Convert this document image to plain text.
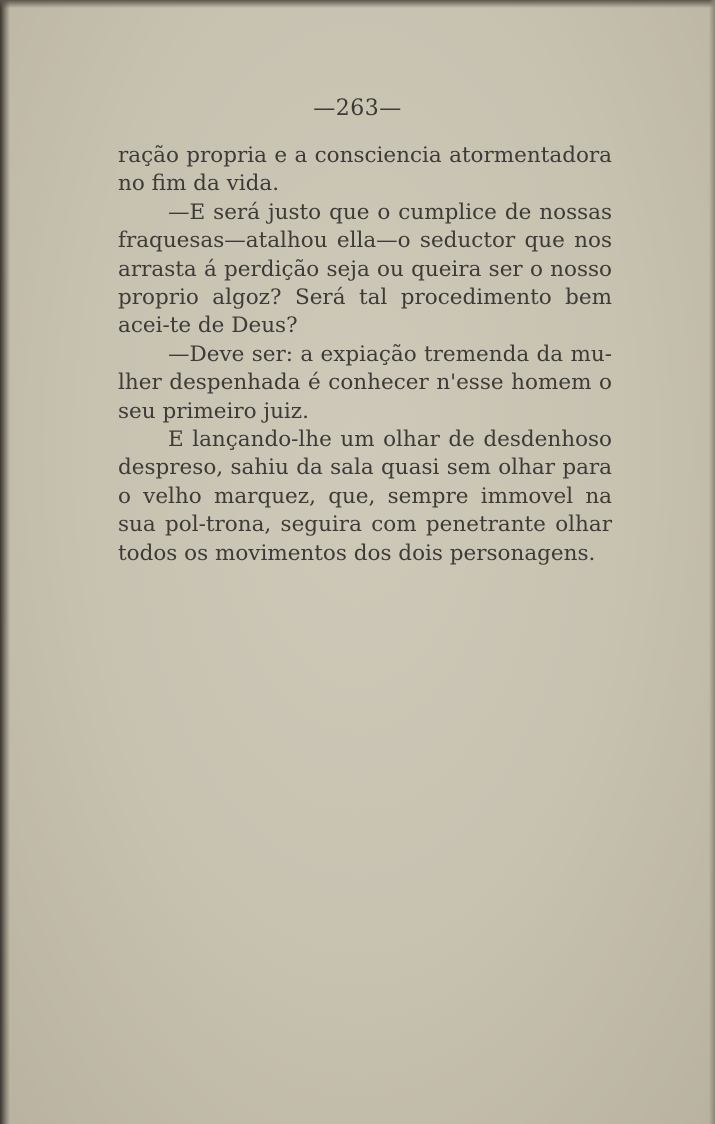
—263—

ração propria e a consciencia atormentadora no fim da vida.

—E será justo que o cumplice de nossas fraquesas—atalhou ella—o seductor que nos arrasta á perdição seja ou queira ser o nosso proprio algoz? Será tal procedimento bem acei-te de Deus?

—Deve ser: a expiação tremenda da mu-lher despenhada é conhecer n'esse homem o seu primeiro juiz.

E lançando-lhe um olhar de desdenhoso despreso, sahiu da sala quasi sem olhar para o velho marquez, que, sempre immovel na sua pol-trona, seguira com penetrante olhar todos os movimentos dos dois personagens.
